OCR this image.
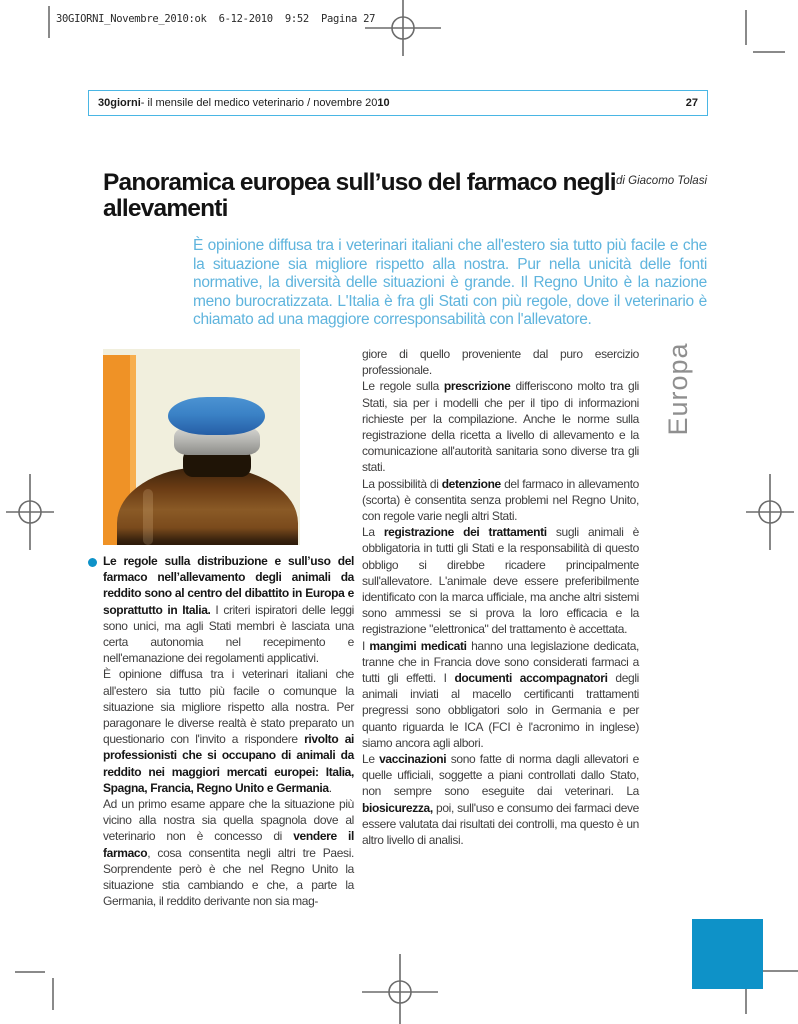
30GIORNI_Novembre_2010:ok  6-12-2010  9:52  Pagina 27
30giorni - il mensile del medico veterinario / novembre 20 10	27
di Giacomo Tolasi
Panoramica europea sull’uso del farmaco negli allevamenti
È opinione diffusa tra i veterinari italiani che all'estero sia tutto più facile e che la situazione sia migliore rispetto alla nostra. Pur nella unicità delle fonti normative, la diversità delle situazioni è grande. Il Regno Unito è la nazione meno burocratizzata. L'Italia è fra gli Stati con più regole, dove il veterinario è chiamato ad una maggiore corresponsabilità con l'allevatore.
Europa

Le regole sulla distribuzione e sull’uso del farmaco nell’allevamento degli animali da reddito sono al centro del dibattito in Europa e soprattutto in Italia. I criteri ispiratori delle leggi sono unici, ma agli Stati membri è lasciata una certa autonomia nel recepimento e nell'emanazione dei regolamenti applicativi.

È opinione diffusa tra i veterinari italiani che all'estero sia tutto più facile o comunque la situazione sia migliore rispetto alla nostra. Per paragonare le diverse realtà è stato preparato un questionario con l'invito a rispondere rivolto ai professionisti che si occupano di animali da reddito nei maggiori mercati europei: Italia, Spagna, Francia, Regno Unito e Germania.

Ad un primo esame appare che la situazione più vicino alla nostra sia quella spagnola dove al veterinario non è concesso di vendere il farmaco, cosa consentita negli altri tre Paesi. Sorprendente però è che nel Regno Unito la situazione stia cambiando e che, a parte la Germania, il reddito derivante non sia mag-

giore di quello proveniente dal puro esercizio professionale.

Le regole sulla prescrizione differiscono molto tra gli Stati, sia per i modelli che per il tipo di informazioni richieste per la compilazione. Anche le norme sulla registrazione della ricetta a livello di allevamento e la comunicazione all'autorità sanitaria sono diverse tra gli stati.

La possibilità di detenzione del farmaco in allevamento (scorta) è consentita senza problemi nel Regno Unito, con regole varie negli altri Stati.

La registrazione dei trattamenti sugli animali è obbligatoria in tutti gli Stati e la responsabilità di questo obbligo si direbbe ricadere principalmente sull'allevatore. L'animale deve essere preferibilmente identificato con la marca ufficiale, ma anche altri sistemi sono ammessi se si prova la loro efficacia e la registrazione "elettronica" del trattamento è accettata.

I mangimi medicati hanno una legislazione dedicata, tranne che in Francia dove sono considerati farmaci a tutti gli effetti. I documenti accompagnatori degli animali inviati al macello certificanti trattamenti pregressi sono obbligatori solo in Germania e per quanto riguarda le ICA (FCI è l'acronimo in inglese) siamo ancora agli albori.

Le vaccinazioni sono fatte di norma dagli allevatori e quelle ufficiali, soggette a piani controllati dallo Stato, non sempre sono eseguite dai veterinari. La biosicurezza, poi, sull'uso e consumo dei farmaci deve essere valutata dai risultati dei controlli, ma questo è un altro livello di analisi.
